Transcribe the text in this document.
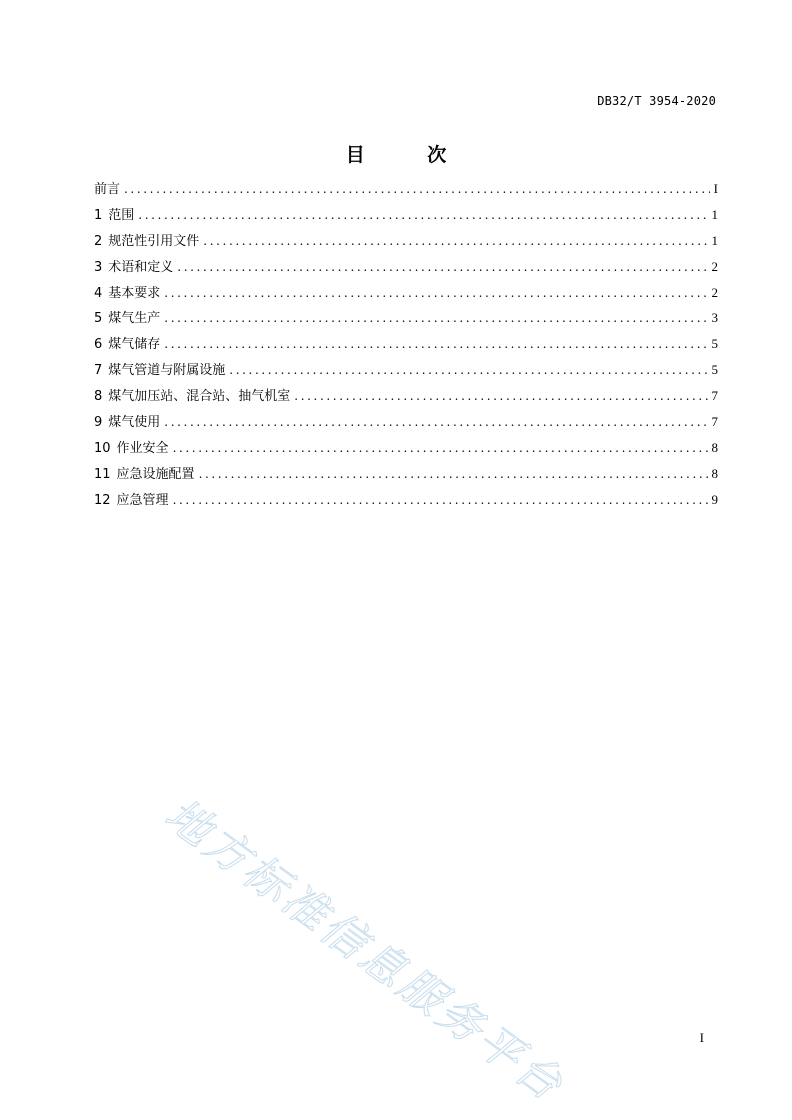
DB32/T 3954-2020
目 次
前言 .....	I
1 范围 .....	1
2 规范性引用文件 .....	1
3 术语和定义 .....	2
4 基本要求 .....	2
5 煤气生产 .....	3
6 煤气储存 .....	5
7 煤气管道与附属设施 .....	5
8 煤气加压站、混合站、抽气机室 .....	7
9 煤气使用 .....	7
10 作业安全 .....	8
11 应急设施配置 .....	8
12 应急管理 .....	9
地方标准信息服务平台	I
